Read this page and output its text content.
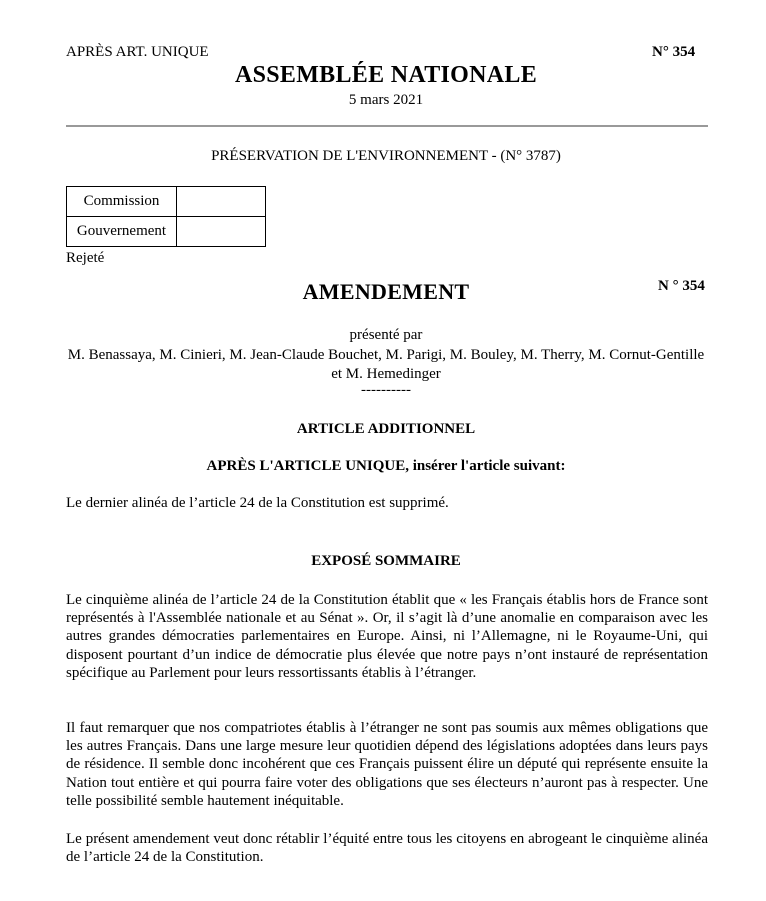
APRÈS ART. UNIQUE	N° 354
ASSEMBLÉE NATIONALE
5 mars 2021
PRÉSERVATION DE L'ENVIRONNEMENT - (N° 3787)
Commission	
Gouvernement	
Rejeté
AMENDEMENT	N ° 354
présenté par
M. Benassaya, M. Cinieri, M. Jean-Claude Bouchet, M. Parigi, M. Bouley, M. Therry, M. Cornut-Gentille et M. Hemedinger
----------
ARTICLE ADDITIONNEL
APRÈS L'ARTICLE UNIQUE, insérer l'article suivant:
Le dernier alinéa de l’article 24 de la Constitution est supprimé.
EXPOSÉ SOMMAIRE
Le cinquième alinéa de l’article 24 de la Constitution établit que « les Français établis hors de France sont représentés à l'Assemblée nationale et au Sénat ». Or, il s’agit là d’une anomalie en comparaison avec les autres grandes démocraties parlementaires en Europe. Ainsi, ni l’Allemagne, ni le Royaume-Uni, qui disposent pourtant d’un indice de démocratie plus élevée que notre pays n’ont instauré de représentation spécifique au Parlement pour leurs ressortissants établis à l’étranger.
Il faut remarquer que nos compatriotes établis à l’étranger ne sont pas soumis aux mêmes obligations que les autres Français. Dans une large mesure leur quotidien dépend des législations adoptées dans leurs pays de résidence. Il semble donc incohérent que ces Français puissent élire un député qui représente ensuite la Nation tout entière et qui pourra faire voter des obligations que ses électeurs n’auront pas à respecter. Une telle possibilité semble hautement inéquitable.
Le présent amendement veut donc rétablir l’équité entre tous les citoyens en abrogeant le cinquième alinéa de l’article 24 de la Constitution.
